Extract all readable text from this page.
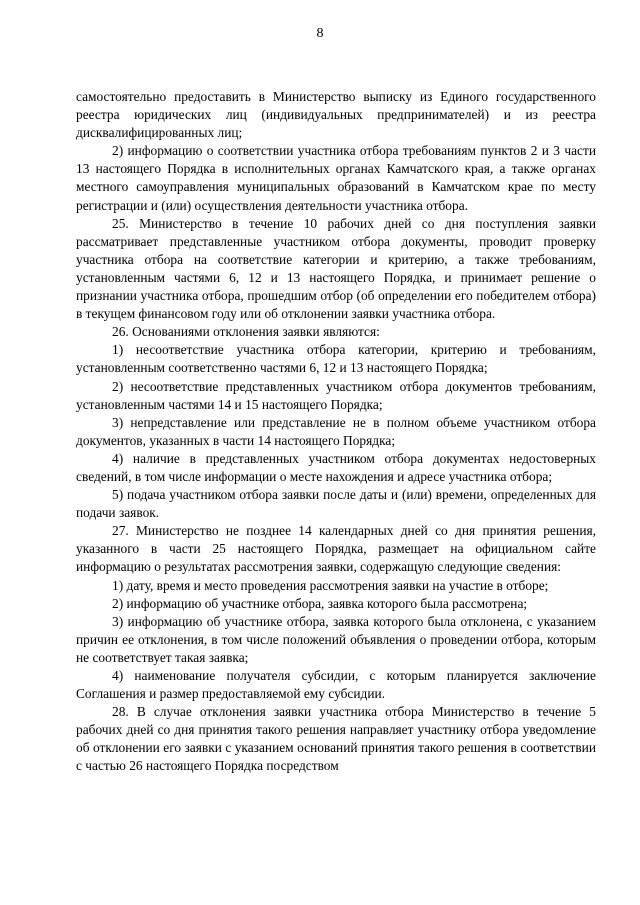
8

самостоятельно предоставить в Министерство выписку из Единого государственного реестра юридических лиц (индивидуальных предпринимателей) и из реестра дисквалифицированных лиц;

2) информацию о соответствии участника отбора требованиям пунктов 2 и 3 части 13 настоящего Порядка в исполнительных органах Камчатского края, а также органах местного самоуправления муниципальных образований в Камчатском крае по месту регистрации и (или) осуществления деятельности участника отбора.

25. Министерство в течение 10 рабочих дней со дня поступления заявки рассматривает представленные участником отбора документы, проводит проверку участника отбора на соответствие категории и критерию, а также требованиям, установленным частями 6, 12 и 13 настоящего Порядка, и принимает решение о признании участника отбора, прошедшим отбор (об определении его победителем отбора) в текущем финансовом году или об отклонении заявки участника отбора.

26. Основаниями отклонения заявки являются:

1) несоответствие участника отбора категории, критерию и требованиям, установленным соответственно частями 6, 12 и 13 настоящего Порядка;

2) несоответствие представленных участником отбора документов требованиям, установленным частями 14 и 15 настоящего Порядка;

3) непредставление или представление не в полном объеме участником отбора документов, указанных в части 14 настоящего Порядка;

4) наличие в представленных участником отбора документах недостоверных сведений, в том числе информации о месте нахождения и адресе участника отбора;

5) подача участником отбора заявки после даты и (или) времени, определенных для подачи заявок.

27. Министерство не позднее 14 календарных дней со дня принятия решения, указанного в части 25 настоящего Порядка, размещает на официальном сайте информацию о результатах рассмотрения заявки, содержащую следующие сведения:

1) дату, время и место проведения рассмотрения заявки на участие в отборе;

2) информацию об участнике отбора, заявка которого была рассмотрена;

3) информацию об участнике отбора, заявка которого была отклонена, с указанием причин ее отклонения, в том числе положений объявления о проведении отбора, которым не соответствует такая заявка;

4) наименование получателя субсидии, с которым планируется заключение Соглашения и размер предоставляемой ему субсидии.

28. В случае отклонения заявки участника отбора Министерство в течение 5 рабочих дней со дня принятия такого решения направляет участнику отбора уведомление об отклонении его заявки с указанием оснований принятия такого решения в соответствии с частью 26 настоящего Порядка посредством
